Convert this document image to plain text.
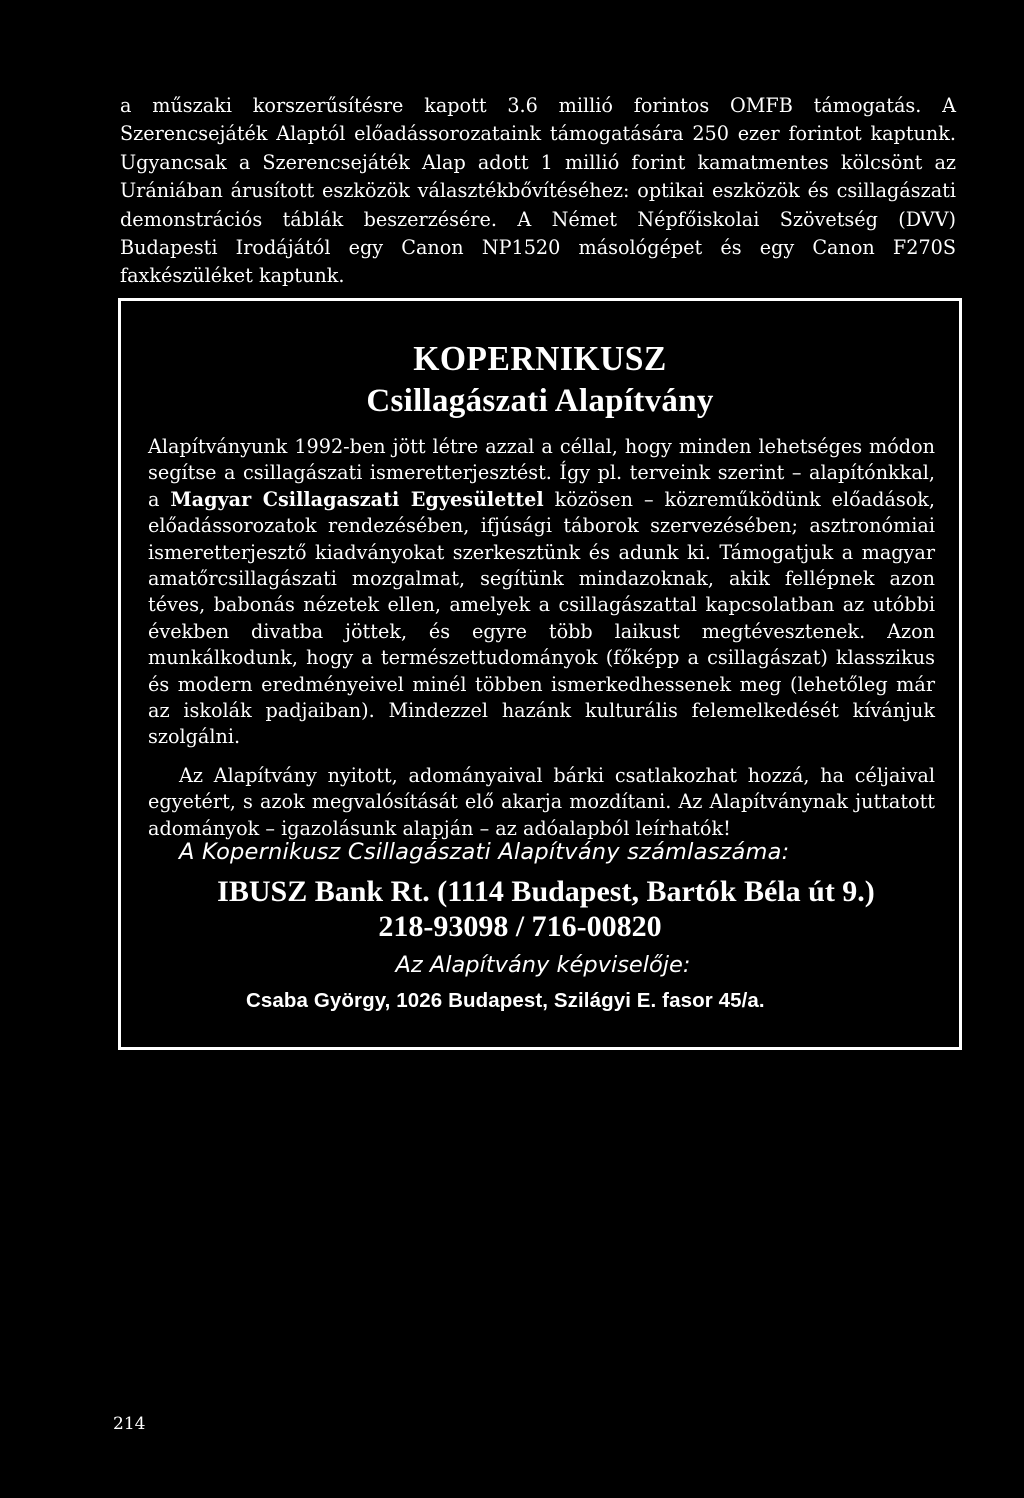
a műszaki korszerűsítésre kapott 3.6 millió forintos OMFB támogatás. A Szerencsejáték Alaptól előadássorozataink támogatására 250 ezer forintot kaptunk. Ugyancsak a Szerencsejáték Alap adott 1 millió forint kamatmentes kölcsönt az Urániában árusított eszközök választékbővítéséhez: optikai eszközök és csillagászati demonstrációs táblák beszerzésére. A Német Népfőiskolai Szövetség (DVV) Budapesti Irodájától egy Canon NP1520 másológépet és egy Canon F270S faxkészüléket kaptunk.
KOPERNIKUSZ
Csillagászati Alapítvány

Alapítványunk 1992-ben jött létre azzal a céllal, hogy minden lehetséges módon segítse a csillagászati ismeretterjesztést. Így pl. terveink szerint – alapítónkkal, a Magyar Csillagaszati Egyesülettel közösen – közreműködünk előadások, előadássorozatok rendezésében, ifjúsági táborok szervezésében; asztronómiai ismeretterjesztő kiadványokat szerkesztünk és adunk ki. Támogatjuk a magyar amatőrcsillagászati mozgalmat, segítünk mindazoknak, akik fellépnek azon téves, babonás nézetek ellen, amelyek a csillagászattal kapcsolatban az utóbbi években divatba jöttek, és egyre több laikust megtévesztenek. Azon munkálkodunk, hogy a természettudományok (főképp a csillagászat) klasszikus és modern eredményeivel minél többen ismerkedhessenek meg (lehetőleg már az iskolák padjaiban). Mindezzel hazánk kulturális felemelkedését kívánjuk szolgálni.

Az Alapítvány nyitott, adományaival bárki csatlakozhat hozzá, ha céljaival egyetért, s azok megvalósítását elő akarja mozdítani. Az Alapítványnak juttatott adományok – igazolásunk alapján – az adóalapból leírhatók!

A Kopernikusz Csillagászati Alapítvány számlaszáma:
IBUSZ Bank Rt. (1114 Budapest, Bartók Béla út 9.)
218-93098 / 716-00820
Az Alapítvány képviselője:
Csaba György, 1026 Budapest, Szilágyi E. fasor 45/a.
214
